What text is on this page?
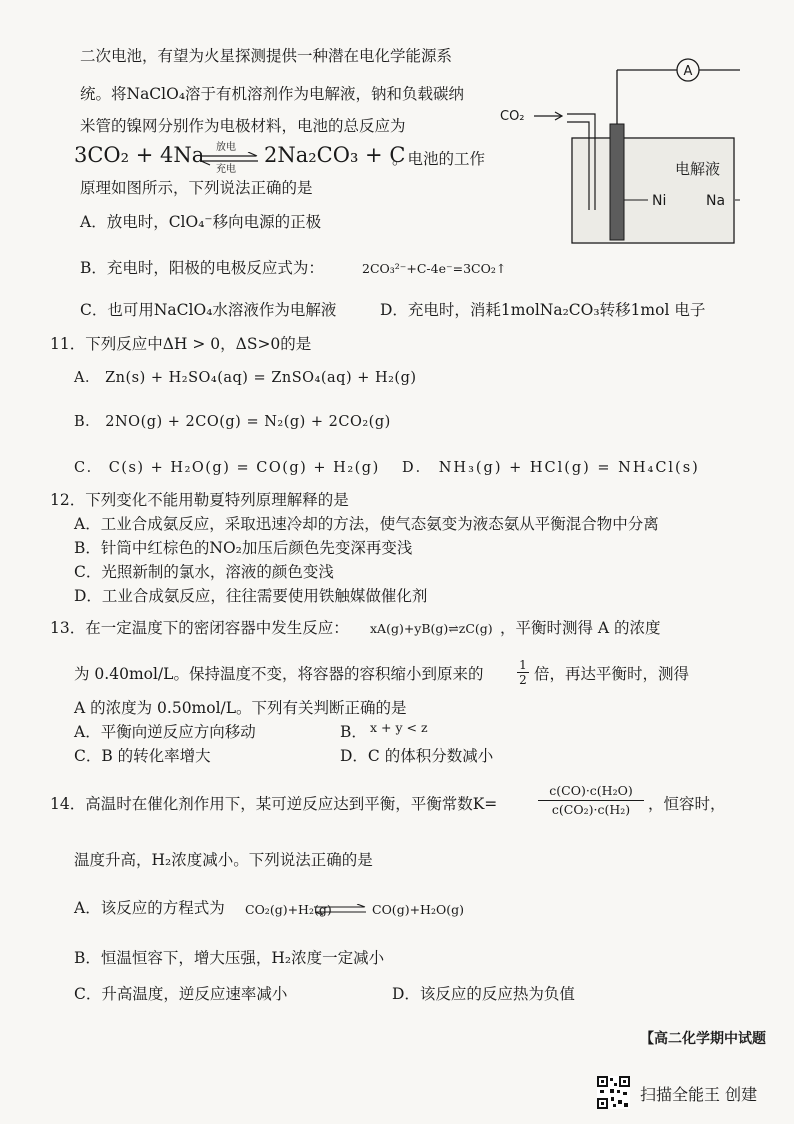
二次电池，有望为火星探测提供一种潜在电化学能源系
统。将NaClO₄溶于有机溶剂作为电解液，钠和负载碳纳
米管的镍网分别作为电极材料，电池的总反应为
3CO₂ + 4Na 放电
充电
2Na₂CO₃ + C
。电池的工作
原理如图所示，下列说法正确的是
A．放电时，ClO₄⁻移向电源的正极
B．充电时，阳极的电极反应式为：	2CO₃²⁻+C-4e⁻=3CO₂↑
C．也可用NaClO₄水溶液作为电解液	D．充电时，消耗1molNa₂CO₃转移1mol 电子
A
CO₂
电解液
Ni	Na
11．下列反应中ΔH > 0，ΔS>0的是
A． Zn(s) + H₂SO₄(aq) = ZnSO₄(aq) + H₂(g)
B． 2NO(g) + 2CO(g) = N₂(g) + 2CO₂(g)
C． C(s) + H₂O(g) = CO(g) + H₂(g) D． NH₃(g) + HCl(g) = NH₄Cl(s)
12．下列变化不能用勒夏特列原理解释的是
A．工业合成氨反应，采取迅速冷却的方法，使气态氨变为液态氨从平衡混合物中分离
B．针筒中红棕色的NO₂加压后颜色先变深再变浅
C．光照新制的氯水，溶液的颜色变浅
D．工业合成氨反应，往往需要使用铁触媒做催化剂
13．在一定温度下的密闭容器中发生反应： xA(g)+yB(g)⇌zC(g) ，平衡时测得 A 的浓度
为 0.40mol/L。保持温度不变，将容器的容积缩小到原来的	$\frac{1}{2}$ 倍，再达平衡时，测得
A 的浓度为 0.50mol/L。下列有关判断正确的是
A．平衡向逆反应方向移动	B． x + y < z
C．B 的转化率增大	D．C 的体积分数减小
14．高温时在催化剂作用下，某可逆反应达到平衡，平衡常数K=	$\frac{\text{c(CO)·c(H₂O)}}{\text{c(CO₂)·c(H₂)}}$ ，恒容时，
温度升高，H₂浓度减小。下列说法正确的是
A．该反应的方程式为 CO₂(g)+H₂(g) ⇌ CO(g)+H₂O(g)
B．恒温恒容下，增大压强，H₂浓度一定减小
C．升高温度，逆反应速率减小	D．该反应的反应热为负值
【高二化学期中试题
扫描全能王 创建
